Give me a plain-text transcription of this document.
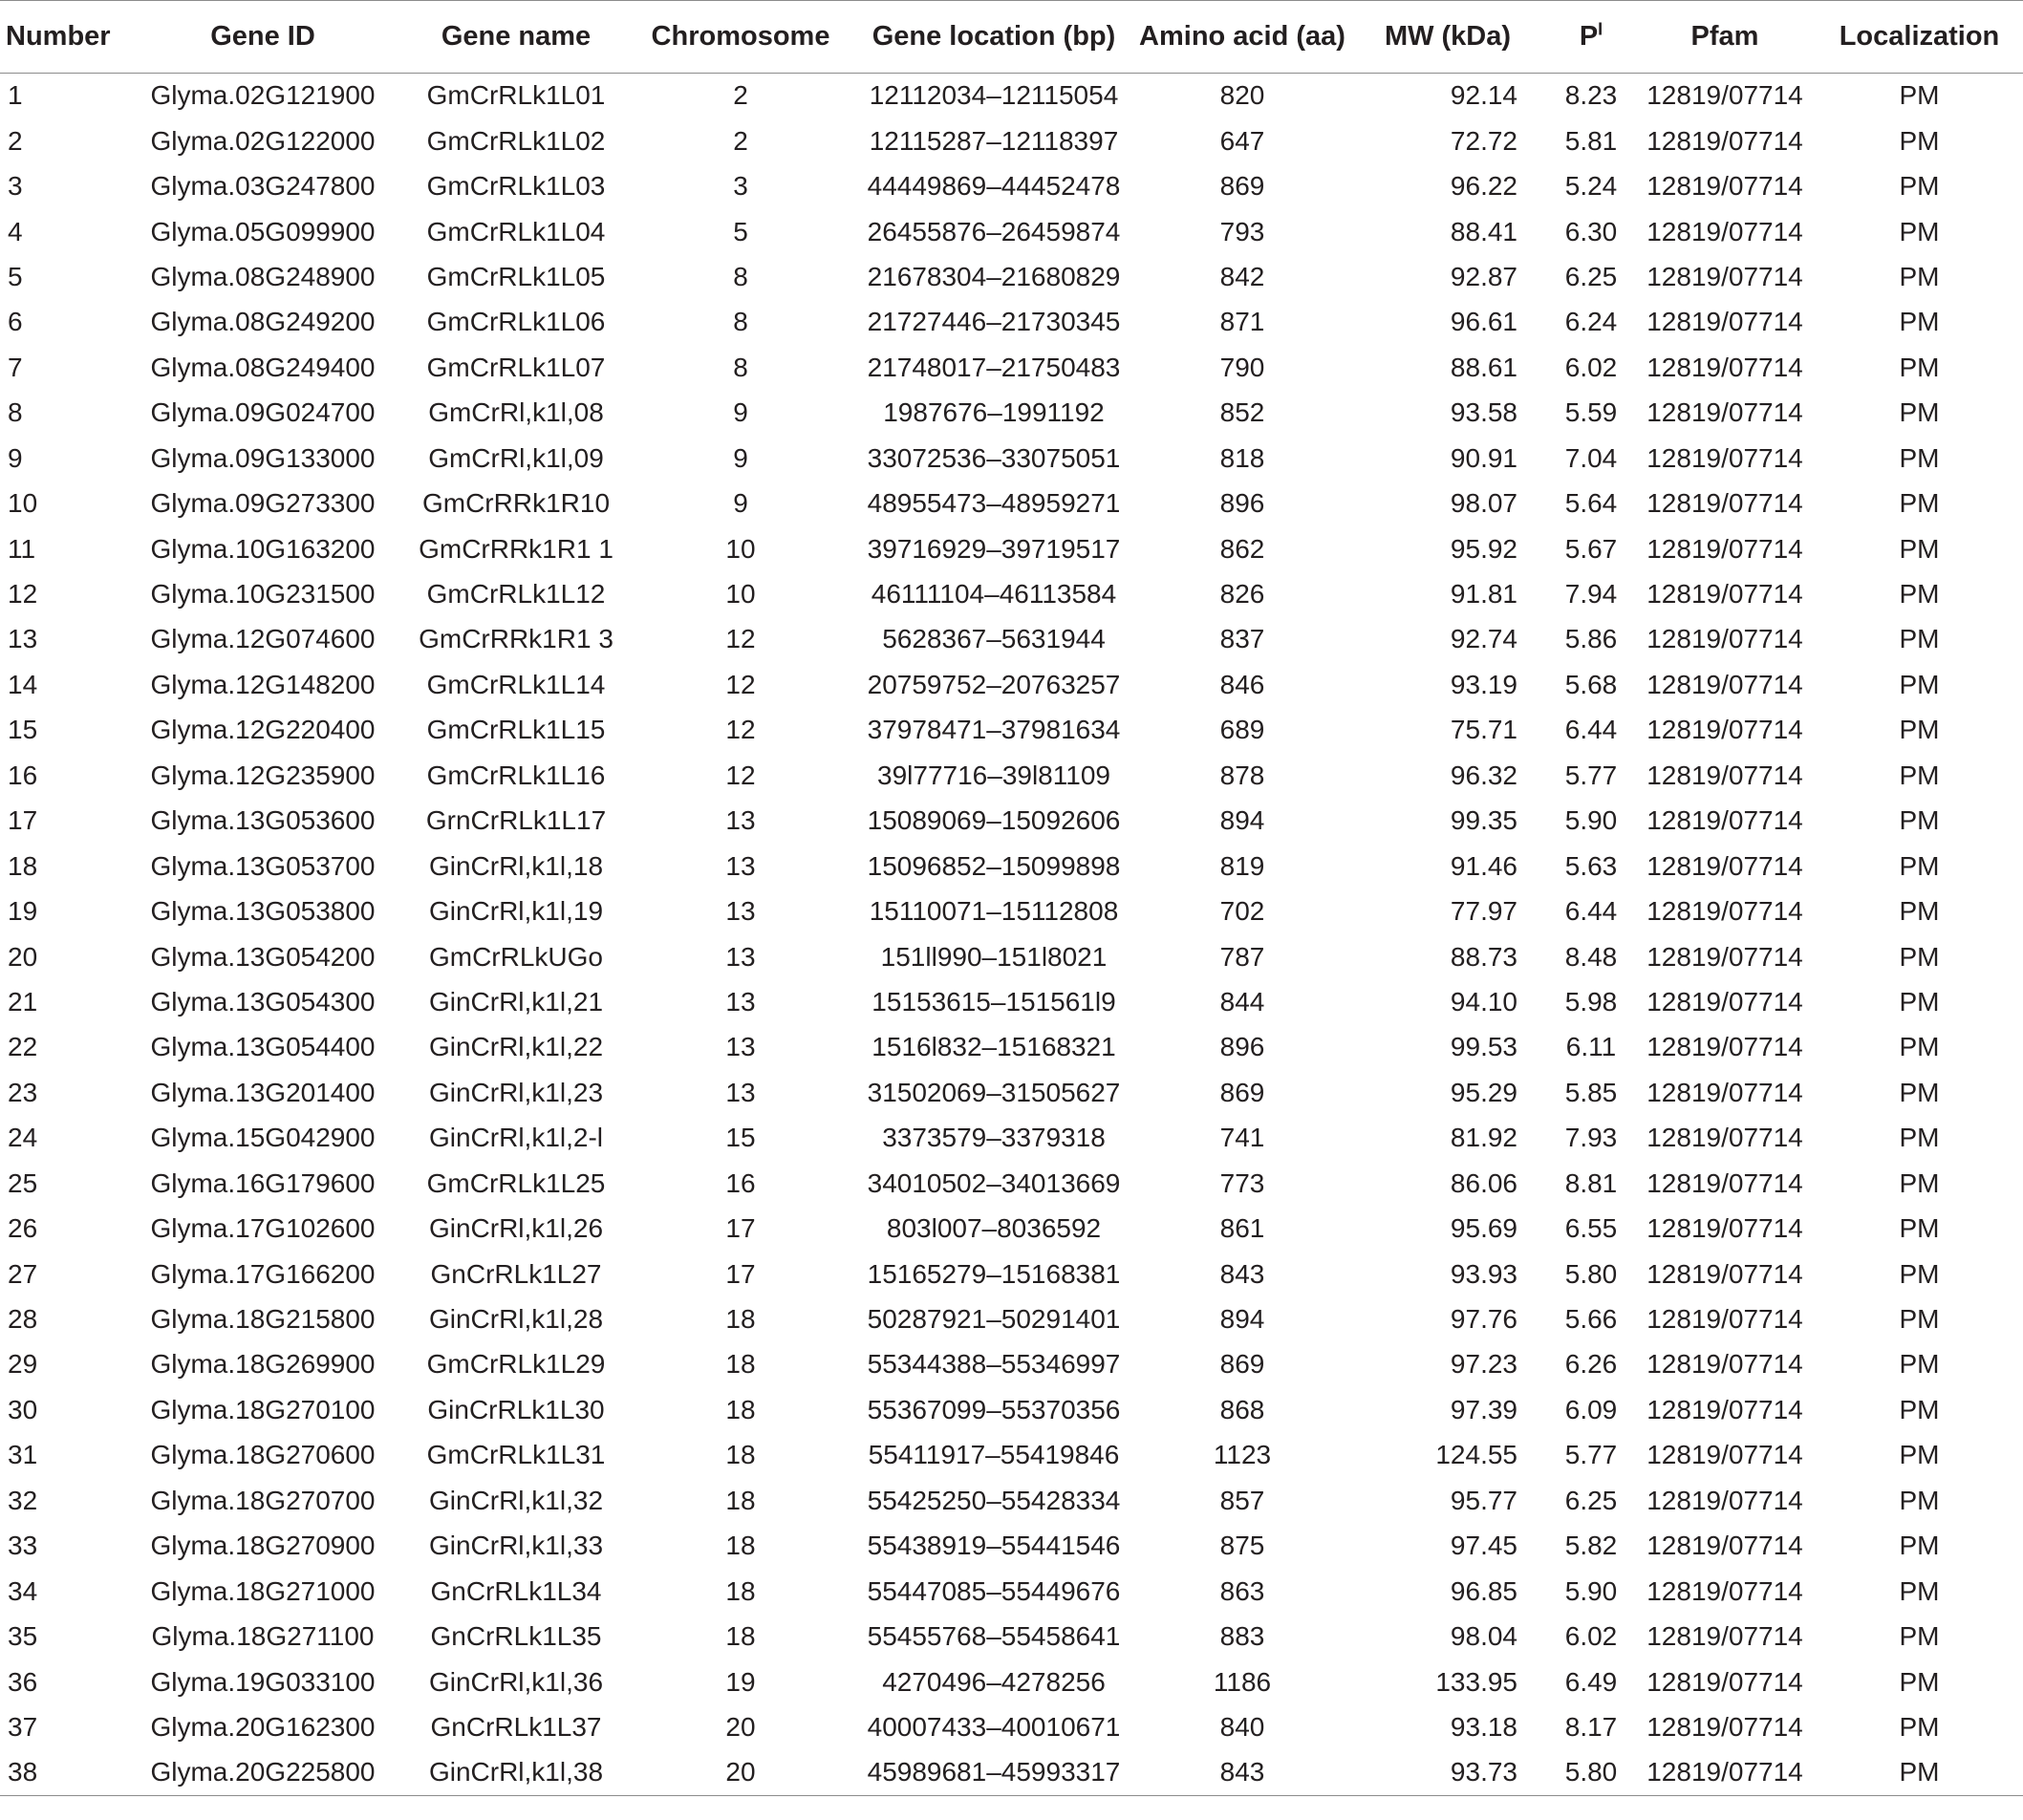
Number	Gene ID	Gene name	Chromosome	Gene location (bp)	Amino acid (aa)	MW (kDa)	$P^I$	Pfam	Localization
1	Glyma.02G121900	GmCrRLk1L01	2	12112034–12115054	820	92.14	8.23	12819/07714	PM
2	Glyma.02G122000	GmCrRLk1L02	2	12115287–12118397	647	72.72	5.81	12819/07714	PM
3	Glyma.03G247800	GmCrRLk1L03	3	44449869–44452478	869	96.22	5.24	12819/07714	PM
4	Glyma.05G099900	GmCrRLk1L04	5	26455876–26459874	793	88.41	6.30	12819/07714	PM
5	Glyma.08G248900	GmCrRLk1L05	8	21678304–21680829	842	92.87	6.25	12819/07714	PM
6	Glyma.08G249200	GmCrRLk1L06	8	21727446–21730345	871	96.61	6.24	12819/07714	PM
7	Glyma.08G249400	GmCrRLk1L07	8	21748017–21750483	790	88.61	6.02	12819/07714	PM
8	Glyma.09G024700	GmCrRl,k1l,08	9	1987676–1991192	852	93.58	5.59	12819/07714	PM
9	Glyma.09G133000	GmCrRl,k1l,09	9	33072536–33075051	818	90.91	7.04	12819/07714	PM
10	Glyma.09G273300	GmCrRRk1R10	9	48955473–48959271	896	98.07	5.64	12819/07714	PM
11	Glyma.10G163200	GmCrRRk1R1 1	10	39716929–39719517	862	95.92	5.67	12819/07714	PM
12	Glyma.10G231500	GmCrRLk1L12	10	46111104–46113584	826	91.81	7.94	12819/07714	PM
13	Glyma.12G074600	GmCrRRk1R1 3	12	5628367–5631944	837	92.74	5.86	12819/07714	PM
14	Glyma.12G148200	GmCrRLk1L14	12	20759752–20763257	846	93.19	5.68	12819/07714	PM
15	Glyma.12G220400	GmCrRLk1L15	12	37978471–37981634	689	75.71	6.44	12819/07714	PM
16	Glyma.12G235900	GmCrRLk1L16	12	39l77716–39l81109	878	96.32	5.77	12819/07714	PM
17	Glyma.13G053600	GrnCrRLk1L17	13	15089069–15092606	894	99.35	5.90	12819/07714	PM
18	Glyma.13G053700	GinCrRl,k1l,18	13	15096852–15099898	819	91.46	5.63	12819/07714	PM
19	Glyma.13G053800	GinCrRl,k1l,19	13	15110071–15112808	702	77.97	6.44	12819/07714	PM
20	Glyma.13G054200	GmCrRLkUGo	13	151ll990–151l8021	787	88.73	8.48	12819/07714	PM
21	Glyma.13G054300	GinCrRl,k1l,21	13	15153615–151561l9	844	94.10	5.98	12819/07714	PM
22	Glyma.13G054400	GinCrRl,k1l,22	13	1516l832–15168321	896	99.53	6.11	12819/07714	PM
23	Glyma.13G201400	GinCrRl,k1l,23	13	31502069–31505627	869	95.29	5.85	12819/07714	PM
24	Glyma.15G042900	GinCrRl,k1l,2-l	15	3373579–3379318	741	81.92	7.93	12819/07714	PM
25	Glyma.16G179600	GmCrRLk1L25	16	34010502–34013669	773	86.06	8.81	12819/07714	PM
26	Glyma.17G102600	GinCrRl,k1l,26	17	803l007–8036592	861	95.69	6.55	12819/07714	PM
27	Glyma.17G166200	GnCrRLk1L27	17	15165279–15168381	843	93.93	5.80	12819/07714	PM
28	Glyma.18G215800	GinCrRl,k1l,28	18	50287921–50291401	894	97.76	5.66	12819/07714	PM
29	Glyma.18G269900	GmCrRLk1L29	18	55344388–55346997	869	97.23	6.26	12819/07714	PM
30	Glyma.18G270100	GinCrRLk1L30	18	55367099–55370356	868	97.39	6.09	12819/07714	PM
31	Glyma.18G270600	GmCrRLk1L31	18	55411917–55419846	1123	124.55	5.77	12819/07714	PM
32	Glyma.18G270700	GinCrRl,k1l,32	18	55425250–55428334	857	95.77	6.25	12819/07714	PM
33	Glyma.18G270900	GinCrRl,k1l,33	18	55438919–55441546	875	97.45	5.82	12819/07714	PM
34	Glyma.18G271000	GnCrRLk1L34	18	55447085–55449676	863	96.85	5.90	12819/07714	PM
35	Glyma.18G271100	GnCrRLk1L35	18	55455768–55458641	883	98.04	6.02	12819/07714	PM
36	Glyma.19G033100	GinCrRl,k1l,36	19	4270496–4278256	1186	133.95	6.49	12819/07714	PM
37	Glyma.20G162300	GnCrRLk1L37	20	40007433–40010671	840	93.18	8.17	12819/07714	PM
38	Glyma.20G225800	GinCrRl,k1l,38	20	45989681–45993317	843	93.73	5.80	12819/07714	PM
